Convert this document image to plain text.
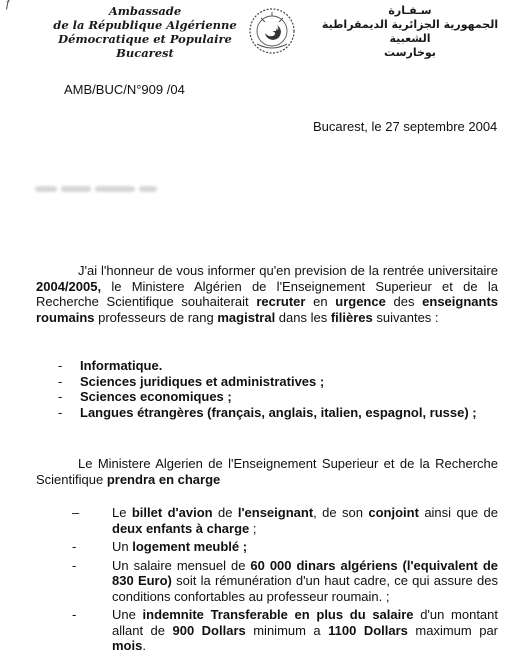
ƒ	Ambassade
de la République Algérienne
Démocratique et Populaire
Bucarest
سـفـارة
الجمهورية الجزائرية الديمقراطية الشعبية
بوخارست
AMB/BUC/N°909 /04
Bucarest, le 27 septembre 2004
J'ai l'honneur de vous informer qu'en prevision de la rentrée universitaire 2004/2005, le Ministere Algérien de l'Enseignement Superieur et de la Recherche Scientifique souhaiterait recruter en urgence des enseignants roumains professeurs de rang magistral dans les filières suivantes :
-	Informatique.
-	Sciences juridiques et administratives ;
-	Sciences economiques ;
-	Langues étrangères (français, anglais, italien, espagnol, russe) ;
Le Ministere Algerien de l'Enseignement Superieur et de la Recherche Scientifique prendra en charge
–	Le billet d'avion de l'enseignant, de son conjoint ainsi que de deux enfants à charge ;
-	Un logement meublé ;
-	Un salaire mensuel de 60 000 dinars algériens (l'equivalent de 830 Euro) soit la rémunération d'un haut cadre, ce qui assure des conditions confortables au professeur roumain. ;
-	Une indemnite Transferable en plus du salaire d'un montant allant de 900 Dollars minimum a 1100 Dollars maximum par mois.
